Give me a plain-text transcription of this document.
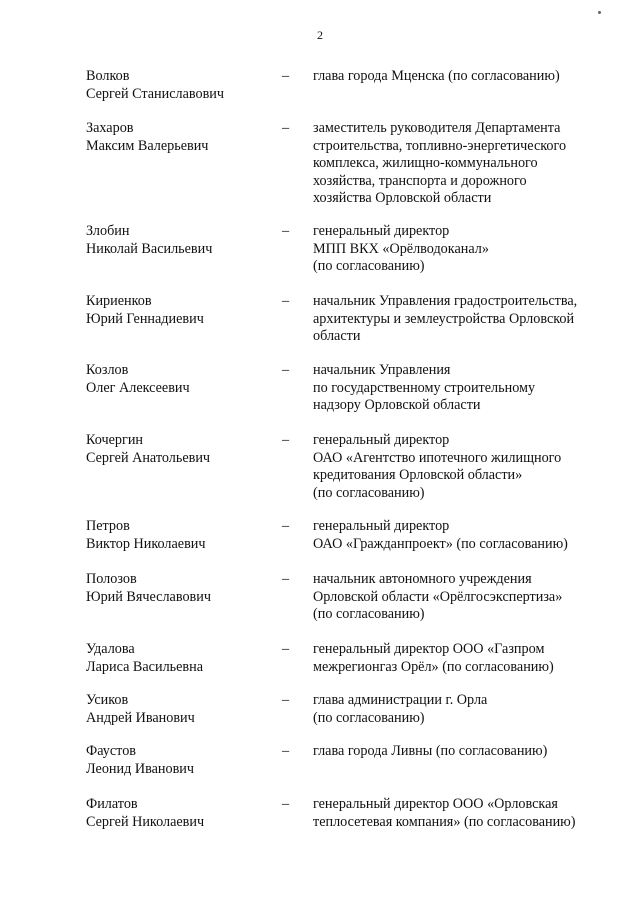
2
Волков
Сергей Станиславович
– глава города Мценска (по согласованию)
Захаров
Максим Валерьевич
– заместитель руководителя Департамента
строительства, топливно-энергетического
комплекса, жилищно-коммунального
хозяйства, транспорта и дорожного
хозяйства Орловской области
Злобин
Николай Васильевич
– генеральный директор
МПП ВКХ «Орёлводоканал»
(по согласованию)
Кириенков
Юрий Геннадиевич
– начальник Управления градостроительства,
архитектуры и землеустройства Орловской
области
Козлов
Олег Алексеевич
– начальник Управления
по государственному строительному
надзору Орловской области
Кочергин
Сергей Анатольевич
– генеральный директор
ОАО «Агентство ипотечного жилищного
кредитования Орловской области»
(по согласованию)
Петров
Виктор Николаевич
– генеральный директор
ОАО «Гражданпроект» (по согласованию)
Полозов
Юрий Вячеславович
– начальник автономного учреждения
Орловской области «Орёлгосэкспертиза»
(по согласованию)
Удалова
Лариса Васильевна
– генеральный директор ООО «Газпром
межрегионгаз Орёл» (по согласованию)
Усиков
Андрей Иванович
– глава администрации г. Орла
(по согласованию)
Фаустов
Леонид Иванович
– глава города Ливны (по согласованию)
Филатов
Сергей Николаевич
– генеральный директор ООО «Орловская
теплосетевая компания» (по согласованию)
